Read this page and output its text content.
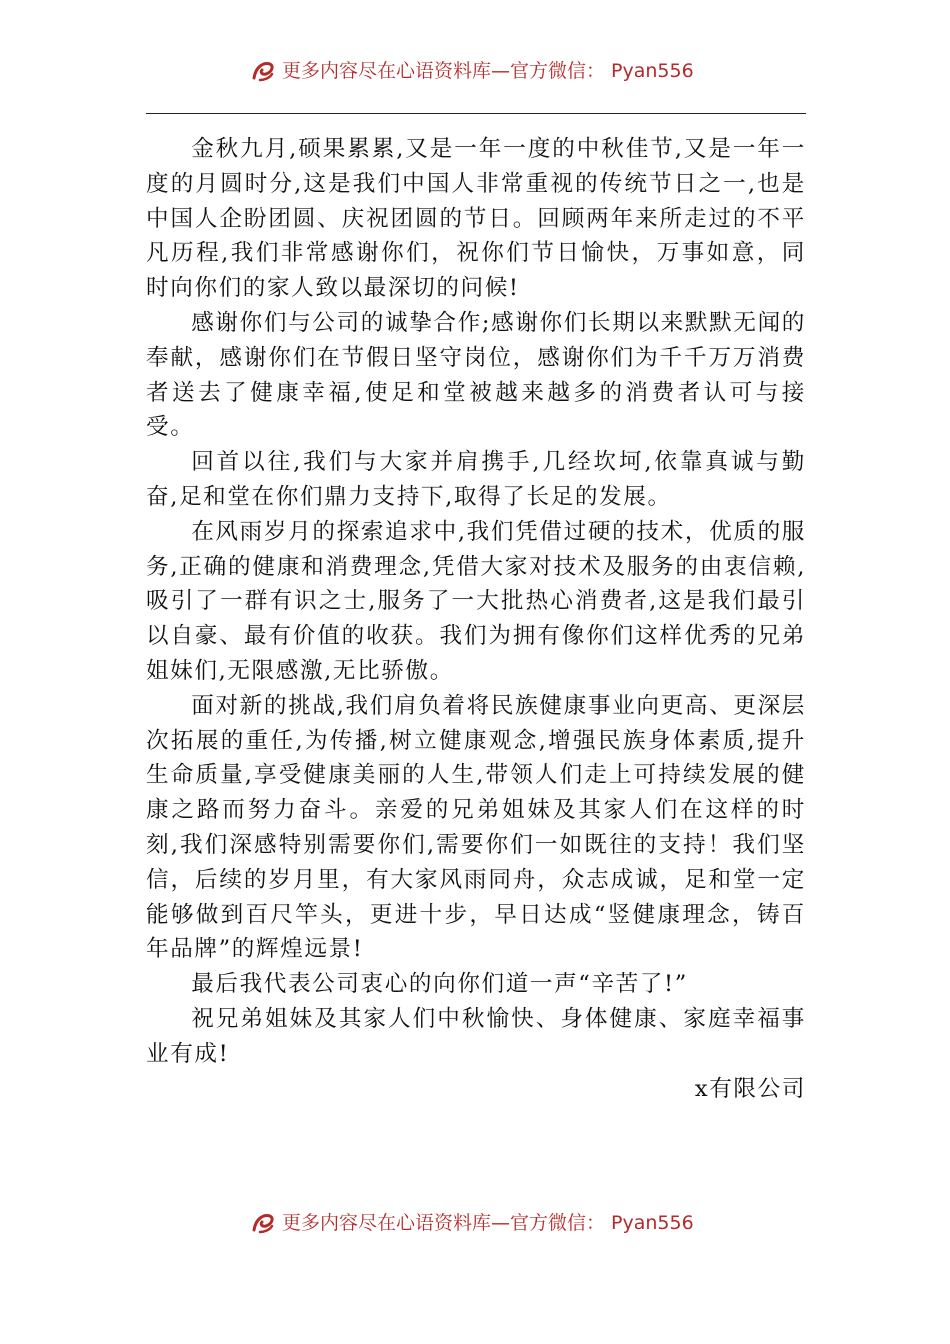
更多内容尽在心语资料库—官方微信： Pyan556

金秋九月,硕果累累,又是一年一度的中秋佳节,又是一年一度的月圆时分,这是我们中国人非常重视的传统节日之一,也是中国人企盼团圆、庆祝团圆的节日。回顾两年来所走过的不平凡历程,我们非常感谢你们，祝你们节日愉快，万事如意，同时向你们的家人致以最深切的问候!

感谢你们与公司的诚挚合作;感谢你们长期以来默默无闻的奉献，感谢你们在节假日坚守岗位，感谢你们为千千万万消费者送去了健康幸福,使足和堂被越来越多的消费者认可与接受。

回首以往,我们与大家并肩携手,几经坎坷,依靠真诚与勤奋,足和堂在你们鼎力支持下,取得了长足的发展。

在风雨岁月的探索追求中,我们凭借过硬的技术，优质的服务,正确的健康和消费理念,凭借大家对技术及服务的由衷信赖,吸引了一群有识之士,服务了一大批热心消费者,这是我们最引以自豪、最有价值的收获。我们为拥有像你们这样优秀的兄弟姐妹们,无限感激,无比骄傲。

面对新的挑战,我们肩负着将民族健康事业向更高、更深层次拓展的重任,为传播,树立健康观念,增强民族身体素质,提升生命质量,享受健康美丽的人生,带领人们走上可持续发展的健康之路而努力奋斗。亲爱的兄弟姐妹及其家人们在这样的时刻,我们深感特别需要你们,需要你们一如既往的支持！我们坚信，后续的岁月里，有大家风雨同舟，众志成诚，足和堂一定能够做到百尺竿头，更进十步，早日达成“竖健康理念，铸百年品牌”的辉煌远景!

最后我代表公司衷心的向你们道一声“辛苦了!”

祝兄弟姐妹及其家人们中秋愉快、身体健康、家庭幸福事业有成!

x有限公司

更多内容尽在心语资料库—官方微信： Pyan556
